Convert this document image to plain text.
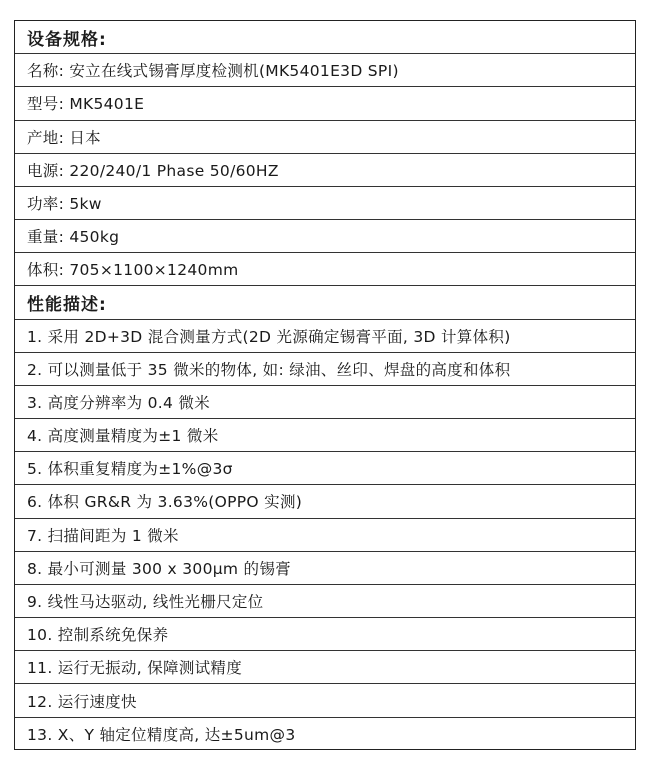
设备规格:
名称: 安立在线式锡膏厚度检测机(MK5401E3D SPI)
型号: MK5401E
产地: 日本
电源: 220/240/1 Phase 50/60HZ
功率: 5kw
重量: 450kg
体积: 705×1100×1240mm
性能描述:
1. 采用 2D+3D 混合测量方式(2D 光源确定锡膏平面, 3D 计算体积)
2. 可以测量低于 35 微米的物体, 如: 绿油、丝印、焊盘的高度和体积
3. 高度分辨率为 0.4 微米
4. 高度测量精度为±1 微米
5. 体积重复精度为±1%@3σ
6. 体积 GR&R 为 3.63%(OPPO 实测)
7. 扫描间距为 1 微米
8. 最小可测量 300 x 300μm 的锡膏
9. 线性马达驱动, 线性光栅尺定位
10. 控制系统免保养
11. 运行无振动, 保障测试精度
12. 运行速度快
13. X、Y 轴定位精度高, 达±5um@3
